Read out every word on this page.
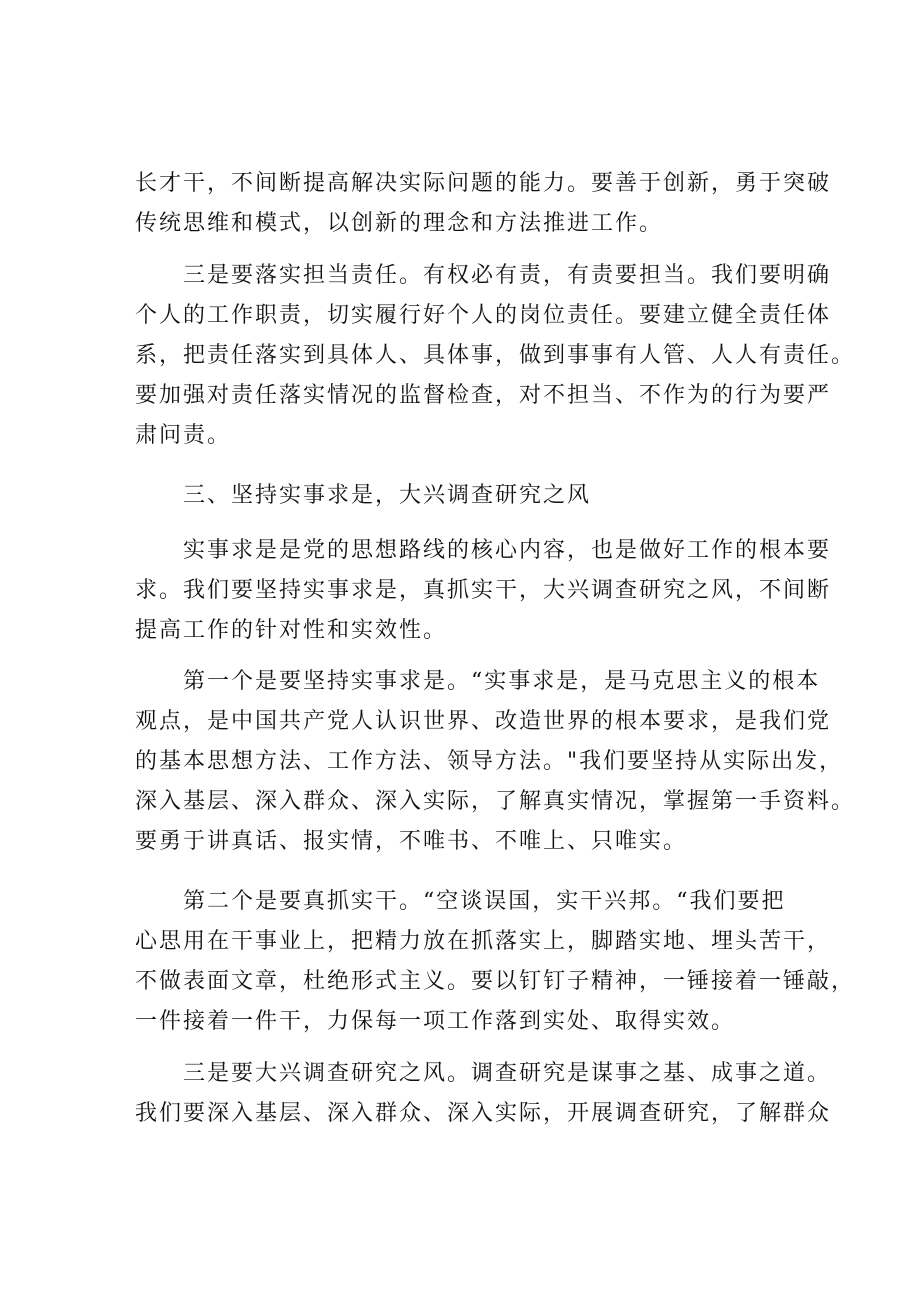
长才干，不间断提高解决实际问题的能力。要善于创新，勇于突破
传统思维和模式，以创新的理念和方法推进工作。
三是要落实担当责任。有权必有责，有责要担当。我们要明确
个人的工作职责，切实履行好个人的岗位责任。要建立健全责任体
系，把责任落实到具体人、具体事，做到事事有人管、人人有责任。
要加强对责任落实情况的监督检查，对不担当、不作为的行为要严
肃问责。
三、坚持实事求是，大兴调查研究之风
实事求是是党的思想路线的核心内容，也是做好工作的根本要
求。我们要坚持实事求是，真抓实干，大兴调查研究之风，不间断
提高工作的针对性和实效性。
第一个是要坚持实事求是。“实事求是，是马克思主义的根本
观点，是中国共产党人认识世界、改造世界的根本要求，是我们党
的基本思想方法、工作方法、领导方法。"我们要坚持从实际出发，
深入基层、深入群众、深入实际，了解真实情况，掌握第一手资料。
要勇于讲真话、报实情，不唯书、不唯上、只唯实。
第二个是要真抓实干。“空谈误国，实干兴邦。“我们要把
心思用在干事业上，把精力放在抓落实上，脚踏实地、埋头苦干，
不做表面文章，杜绝形式主义。要以钉钉子精神，一锤接着一锤敲，
一件接着一件干，力保每一项工作落到实处、取得实效。
三是要大兴调查研究之风。调查研究是谋事之基、成事之道。
我们要深入基层、深入群众、深入实际，开展调查研究，了解群众
